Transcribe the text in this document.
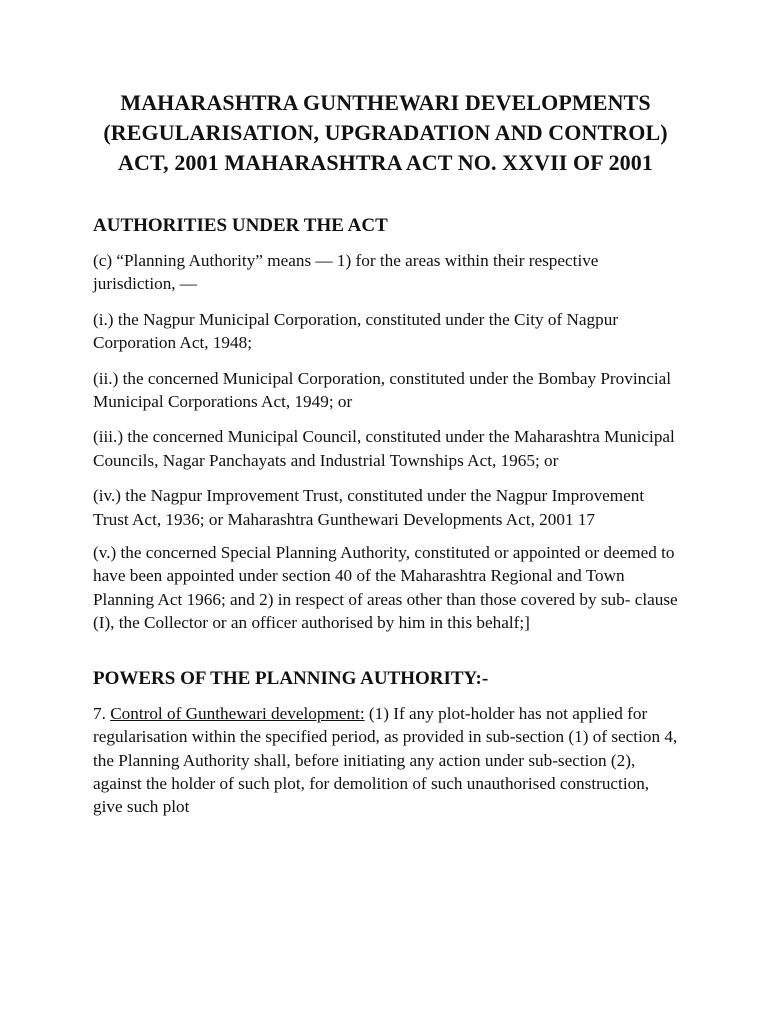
MAHARASHTRA GUNTHEWARI DEVELOPMENTS (REGULARISATION, UPGRADATION AND CONTROL) ACT, 2001 MAHARASHTRA ACT NO. XXVII OF 2001
AUTHORITIES UNDER THE ACT

(c) “Planning Authority” means — 1) for the areas within their respective jurisdiction, —

(i.) the Nagpur Municipal Corporation, constituted under the City of Nagpur Corporation Act, 1948;

(ii.) the concerned Municipal Corporation, constituted under the Bombay Provincial Municipal Corporations Act, 1949; or

(iii.) the concerned Municipal Council, constituted under the Maharashtra Municipal Councils, Nagar Panchayats and Industrial Townships Act, 1965; or

(iv.) the Nagpur Improvement Trust, constituted under the Nagpur Improvement Trust Act, 1936; or Maharashtra Gunthewari Developments Act, 2001 17

(v.) the concerned Special Planning Authority, constituted or appointed or deemed to have been appointed under section 40 of the Maharashtra Regional and Town Planning Act 1966; and 2) in respect of areas other than those covered by sub- clause (I), the Collector or an officer authorised by him in this behalf;]

POWERS OF THE PLANNING AUTHORITY:-

7. Control of Gunthewari development: (1) If any plot-holder has not applied for regularisation within the specified period, as provided in sub-section (1) of section 4, the Planning Authority shall, before initiating any action under sub-section (2), against the holder of such plot, for demolition of such unauthorised construction, give such plot
